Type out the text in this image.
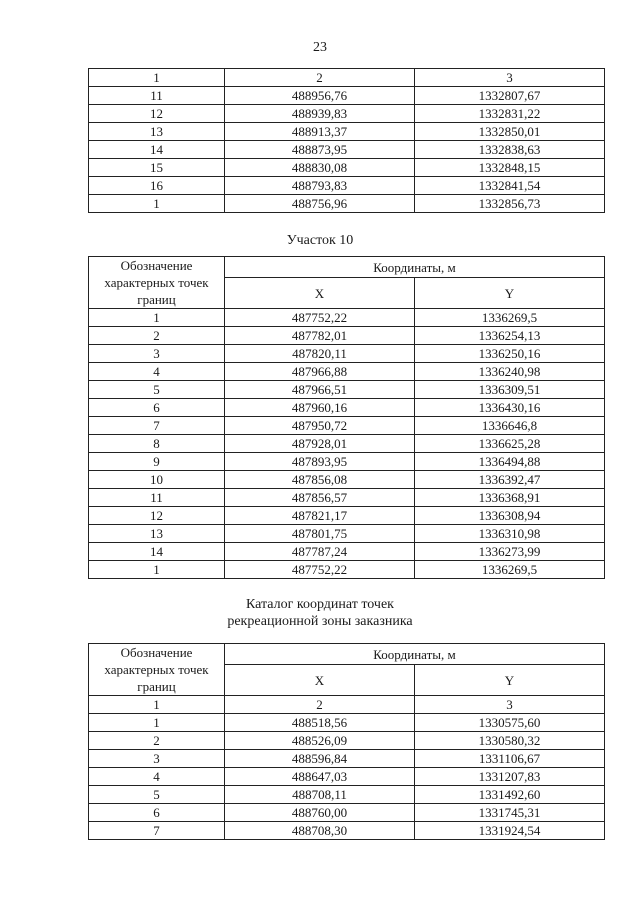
23
1	2	3
11	488956,76	1332807,67
12	488939,83	1332831,22
13	488913,37	1332850,01
14	488873,95	1332838,63
15	488830,08	1332848,15
16	488793,83	1332841,54
1	488756,96	1332856,73
Участок 10
Обозначение характерных точек границ	Координаты, м	
	X	Y
1	487752,22	1336269,5
2	487782,01	1336254,13
3	487820,11	1336250,16
4	487966,88	1336240,98
5	487966,51	1336309,51
6	487960,16	1336430,16
7	487950,72	1336646,8
8	487928,01	1336625,28
9	487893,95	1336494,88
10	487856,08	1336392,47
11	487856,57	1336368,91
12	487821,17	1336308,94
13	487801,75	1336310,98
14	487787,24	1336273,99
1	487752,22	1336269,5
Каталог координат точек
рекреационной зоны заказника
Обозначение характерных точек границ	Координаты, м	
	X	Y
1	2	3
1	488518,56	1330575,60
2	488526,09	1330580,32
3	488596,84	1331106,67
4	488647,03	1331207,83
5	488708,11	1331492,60
6	488760,00	1331745,31
7	488708,30	1331924,54
